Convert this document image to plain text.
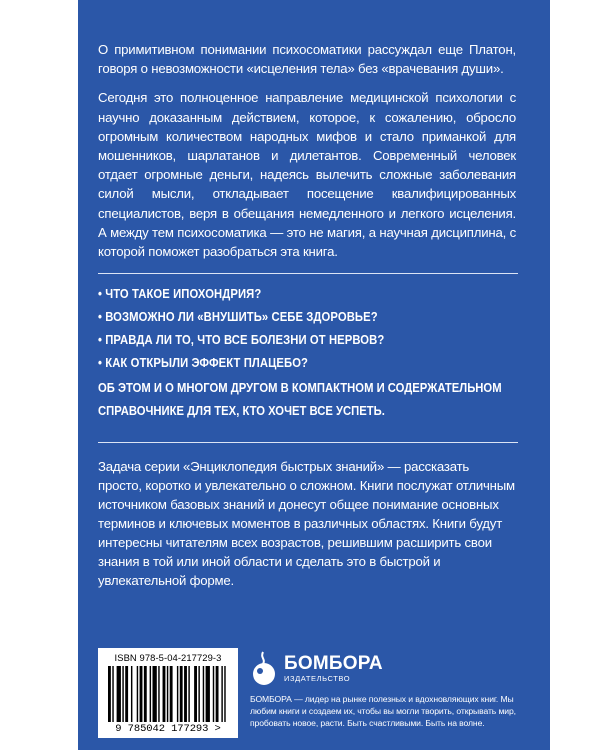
О примитивном понимании психосоматики рассуждал еще Платон, говоря о невозможности «исцеления тела» без «врачевания души».

Сегодня это полноценное направление медицинской психологии с научно доказанным действием, которое, к сожалению, обросло огромным количеством народных мифов и стало приманкой для мошенников, шарлатанов и дилетантов. Современный человек отдает огромные деньги, надеясь вылечить сложные заболевания силой мысли, откладывает посещение квалифицированных специалистов, веря в обещания немедленного и легкого исцеления. А между тем психосоматика — это не магия, а научная дисциплина, с которой поможет разобраться эта книга.

• ЧТО ТАКОЕ ИПОХОНДРИЯ?
• ВОЗМОЖНО ЛИ «ВНУШИТЬ» СЕБЕ ЗДОРОВЬЕ?
• ПРАВДА ЛИ ТО, ЧТО ВСЕ БОЛЕЗНИ ОТ НЕРВОВ?
• КАК ОТКРЫЛИ ЭФФЕКТ ПЛАЦЕБО?
ОБ ЭТОМ И О МНОГОМ ДРУГОМ В КОМПАКТНОМ И СОДЕРЖАТЕЛЬНОМ
СПРАВОЧНИКЕ ДЛЯ ТЕХ, КТО ХОЧЕТ ВСЕ УСПЕТЬ.

Задача серии «Энциклопедия быстрых знаний» — рассказать просто, коротко и увлекательно о сложном. Книги послужат отличным источником базовых знаний и донесут общее понимание основных терминов и ключевых моментов в различных областях. Книги будут интересны читателям всех возрастов, решившим расширить свои знания в той или иной области и сделать это в быстрой и увлекательной форме.

ISBN 978-5-04-217729-3
9 785042 177293 >
БОМБОРА
ИЗДАТЕЛЬСТВО
БОМБОРА — лидер на рынке полезных и вдохновляющих книг. Мы любим книги и создаем их, чтобы вы могли творить, открывать мир, пробовать новое, расти. Быть счастливыми. Быть на волне.
